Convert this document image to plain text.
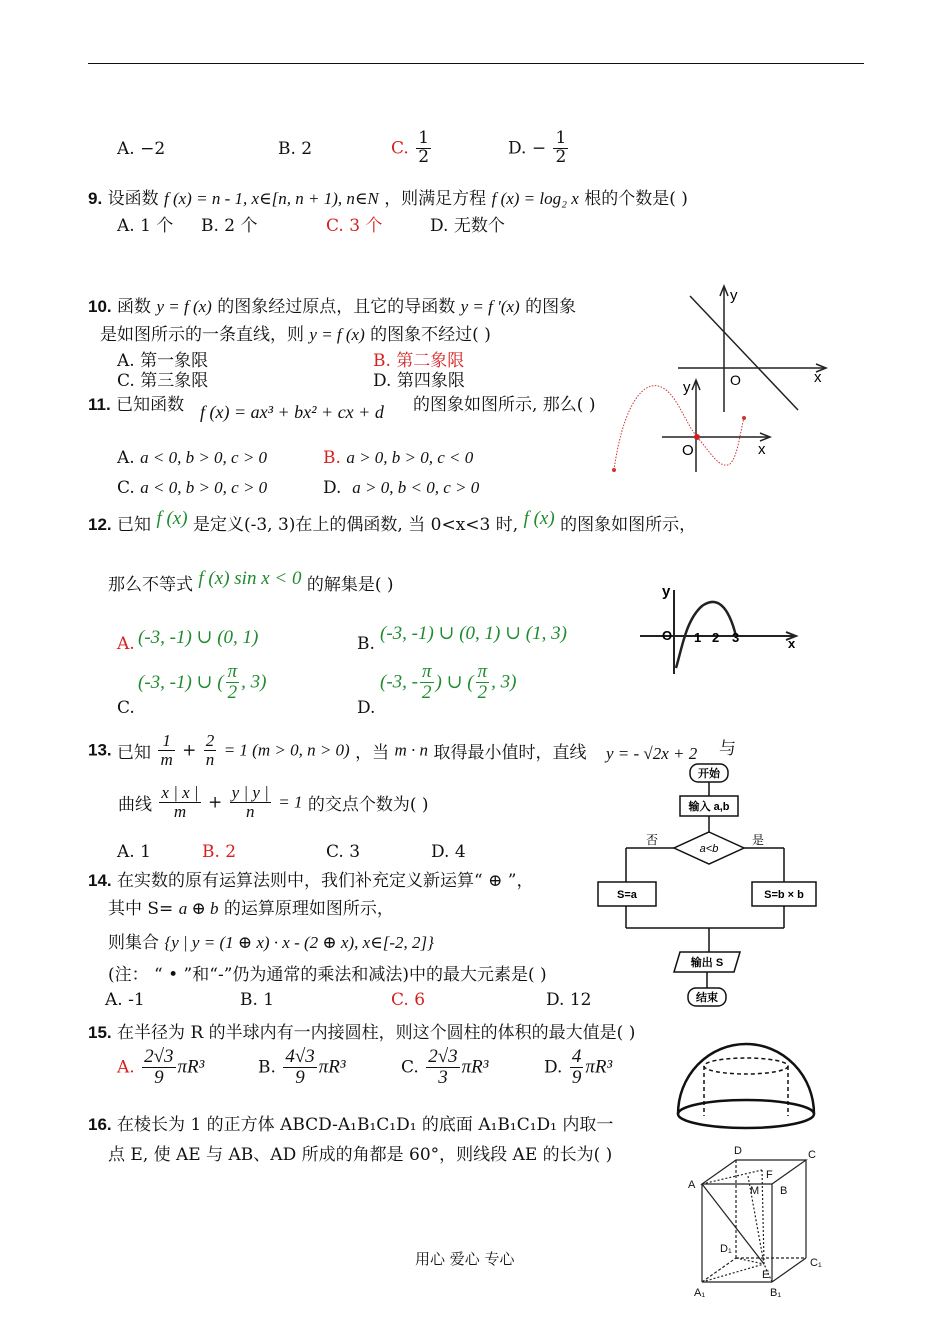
A. −2	B. 2	C. $\frac{1}{2}$	D. − $\frac{1}{2}$
9. 设函数 f (x) = n - 1, x∈[n, n + 1), n∈N ，则满足方程 f (x) = log₂ x 根的个数是( )
A. 1 个 B. 2 个	C. 3 个	D. 无数个
10. 函数 y = f (x) 的图象经过原点，且它的导函数 y = f ′(x) 的图象
是如图所示的一条直线，则 y = f (x) 的图象不经过( )
A. 第一象限	B. 第二象限
C. 第三象限	D. 第四象限
y
O	x
11. 已知函数 f (x) = ax³ + bx² + cx + d 的图象如图所示, 那么( )
A. a < 0, b > 0, c > 0	B. a > 0, b > 0, c < 0
C. a < 0, b > 0, c > 0	D. a > 0, b < 0, c > 0
y
O	x
12. 已知 f (x) 是定义(-3, 3)在上的偶函数, 当 0<x<3 时, f (x) 的图象如图所示，
那么不等式 f (x) sin x < 0 的解集是( )
A. (-3, -1) ∪ (0, 1)	B. (-3, -1) ∪ (0, 1) ∪ (1, 3)
C.
(-3, -1) ∪ ( $\frac{\pi}{2}$ , 3)
D.
(-3, - $\frac{\pi}{2}$ ) ∪ ( $\frac{\pi}{2}$ , 3)
y
O 1 2 3	x
13. 已知 $\frac{1}{m} + \frac{2}{n} = 1$ (m > 0, n > 0) ，当 m · n 取得最小值时，直线 y = - √2x + 2 与
曲线 $\frac{x | x |}{m} + \frac{y | y |}{n} = 1$ 的交点个数为( )
A. 1	B. 2	C. 3	D. 4
14. 在实数的原有运算法则中，我们补充定义新运算“ ⊕ ”，
其中 S= a ⊕ b 的运算原理如图所示，
则集合 {y | y = (1 ⊕ x) · x - (2 ⊕ x), x∈[-2, 2]}
(注： “ • ”和“-”仍为通常的乘法和减法)中的最大元素是( )
A. -1	B. 1	C. 6	D. 12
开始
输入 a,b
a<b
否	是
S=a	S=b × b
输出 S
结束
15. 在半径为 R 的半球内有一内接圆柱，则这个圆柱的体积的最大值是( )
A. $\frac{2√3}{9} \pi R^3$	B. $\frac{4√3}{9} \pi R^3$	C. $\frac{2√3}{3} \pi R^3$	D. $\frac{4}{9} \pi R^3$
16. 在棱长为 1 的正方体 ABCD-A₁B₁C₁D₁ 的底面 A₁B₁C₁D₁ 内取一
点 E, 使 AE 与 AB、AD 所成的角都是 60°，则线段 AE 的长为( )	D	C
A	B
F
M
D₁
C₁
E
A₁	B₁
用心 爱心 专心
